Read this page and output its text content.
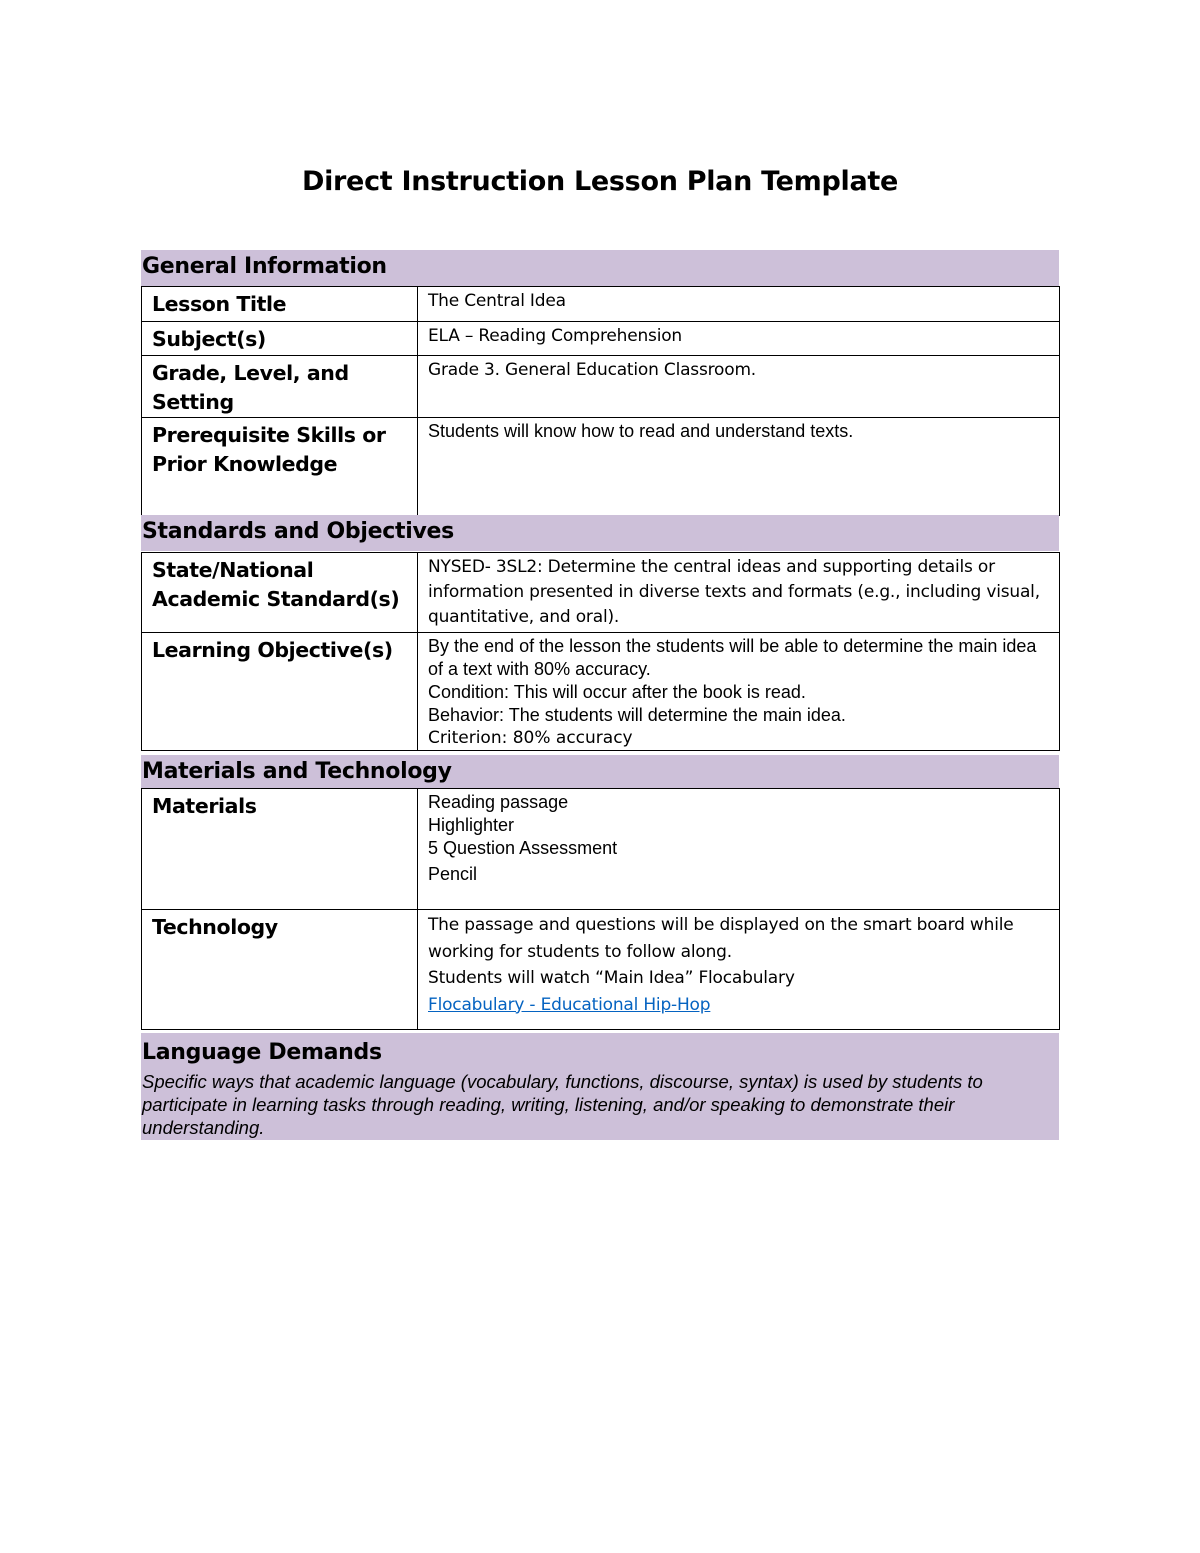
Direct Instruction Lesson Plan Template
General Information
Lesson Title	The Central Idea
Subject(s)	ELA – Reading Comprehension
Grade, Level, and Setting	Grade 3. General Education Classroom.
Prerequisite Skills or Prior Knowledge	Students will know how to read and understand texts.
Standards and Objectives
State/National Academic Standard(s)	NYSED- 3SL2: Determine the central ideas and supporting details or information presented in diverse texts and formats (e.g., including visual, quantitative, and oral).
Learning Objective(s)	By the end of the lesson the students will be able to determine the main idea of a text with 80% accuracy.
Condition: This will occur after the book is read.
Behavior: The students will determine the main idea.
Criterion: 80% accuracy
Materials and Technology
Materials	Reading passage
Highlighter
5 Question Assessment
Pencil

Technology	The passage and questions will be displayed on the smart board while working for students to follow along.
Students will watch “Main Idea” Flocabulary
Flocabulary - Educational Hip-Hop
Language Demands
Specific ways that academic language (vocabulary, functions, discourse, syntax) is used by students to participate in learning tasks through reading, writing, listening, and/or speaking to demonstrate their understanding.
